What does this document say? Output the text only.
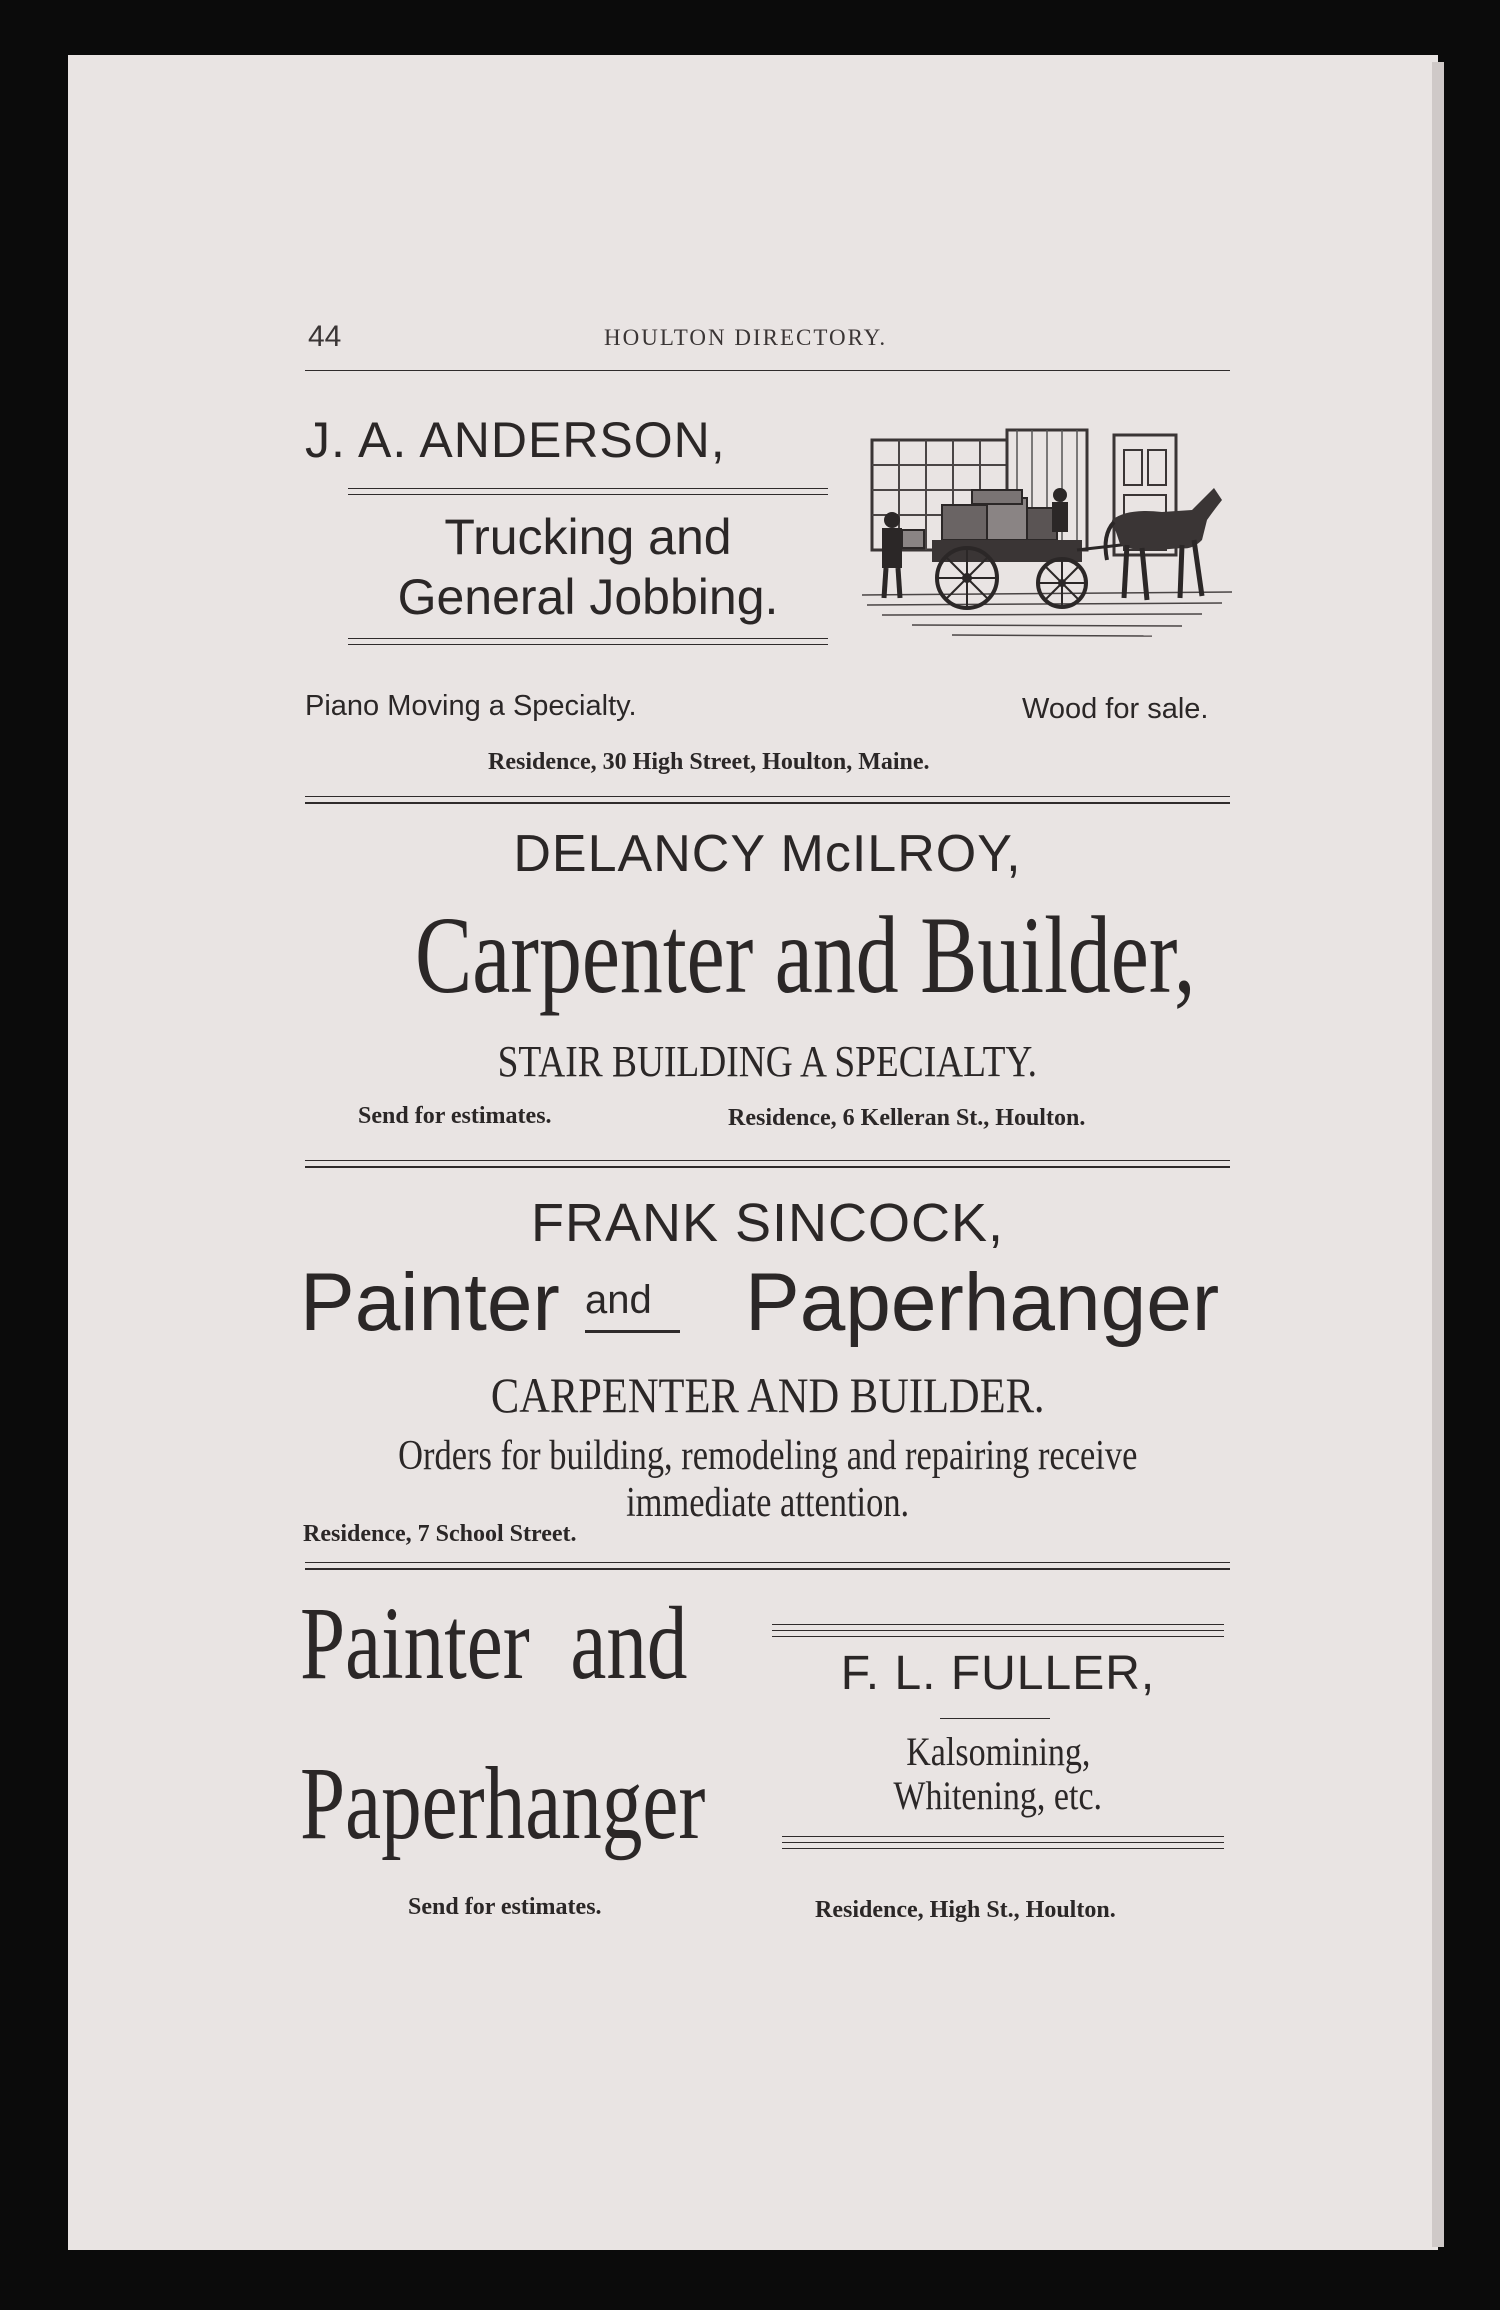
44	HOULTON DIRECTORY.
J. A. ANDERSON,
Trucking and
General Jobbing.
Piano Moving a Specialty.	Wood for sale.
Residence, 30 High Street, Houlton, Maine.
DELANCY McILROY,
Carpenter and Builder,
STAIR BUILDING A SPECIALTY.
Send for estimates.	Residence, 6 Kelleran St., Houlton.
FRANK SINCOCK,
Painter and Paperhanger
CARPENTER AND BUILDER.
Orders for building, remodeling and repairing receive
immediate attention.
Residence, 7 School Street.
Painter  and
Paperhanger
F. L. FULLER,
Kalsomining,
Whitening, etc.
Send for estimates.	Residence, High St., Houlton.
